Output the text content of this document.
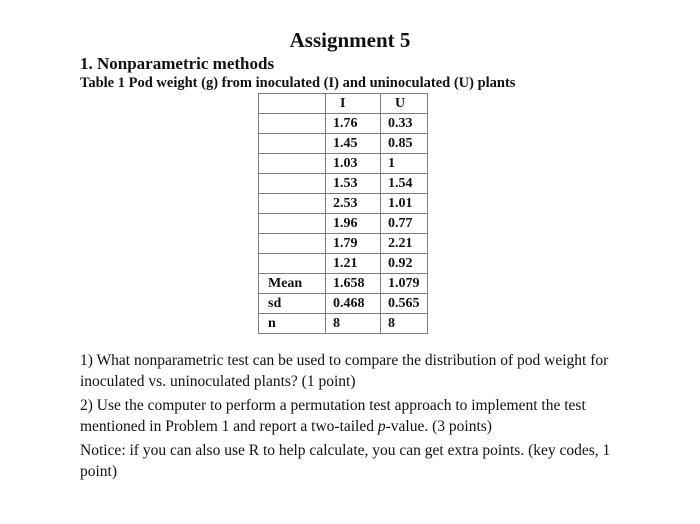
Assignment 5
1. Nonparametric methods
Table 1 Pod weight (g) from inoculated (I) and uninoculated (U) plants
	I	U
	1.76	0.33
	1.45	0.85
	1.03	1
	1.53	1.54
	2.53	1.01
	1.96	0.77
	1.79	2.21
	1.21	0.92
Mean	1.658	1.079
sd	0.468	0.565
n	8	8

1) What nonparametric test can be used to compare the distribution of pod weight for inoculated vs. uninoculated plants? (1 point)

2) Use the computer to perform a permutation test approach to implement the test mentioned in Problem 1 and report a two-tailed p-value. (3 points)

Notice: if you can also use R to help calculate, you can get extra points. (key codes, 1 point)
